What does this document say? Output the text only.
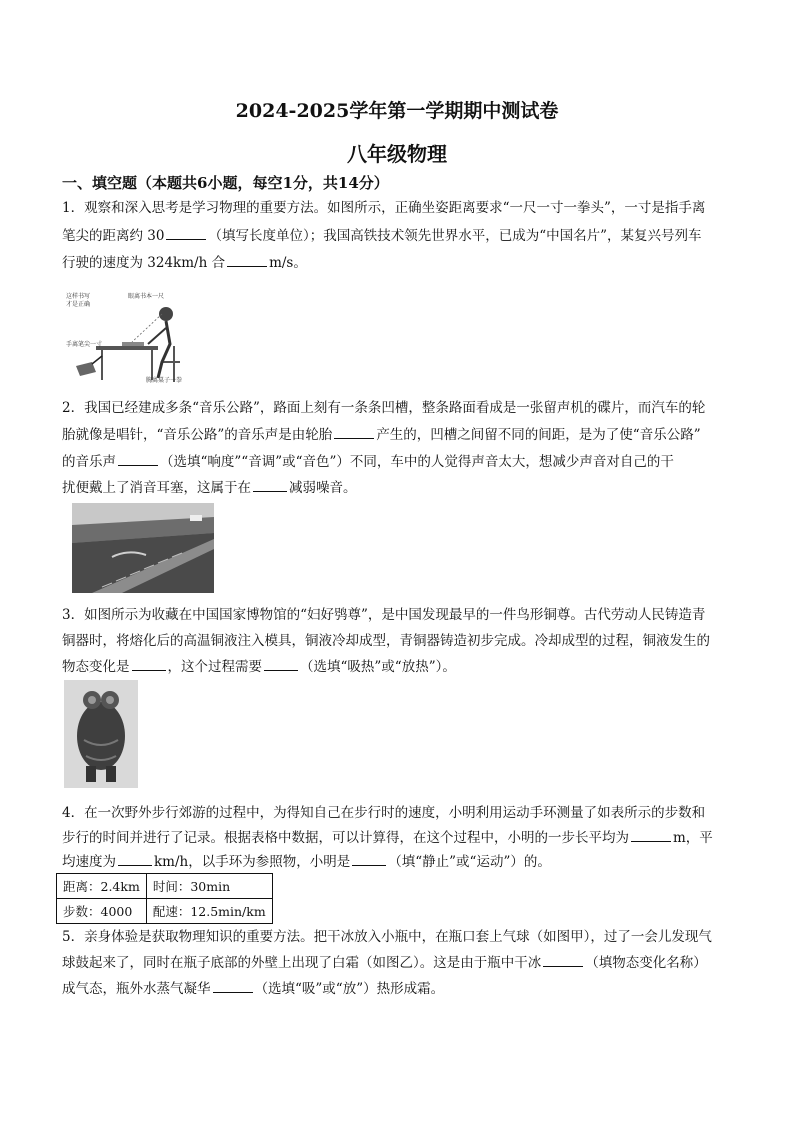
2024-2025学年第一学期期中测试卷
八年级物理
一、填空题（本题共6小题，每空1分，共14分）
1．观察和深入思考是学习物理的重要方法。如图所示，正确坐姿距离要求“一尺一寸一拳头”，一寸是指手离
笔尖的距离约 30	（填写长度单位）；我国高铁技术领先世界水平，已成为“中国名片”，某复兴号列车
行驶的速度为 324km/h 合	m/s。
这样书写
才是正确
眼离书本一尺
手离笔尖一寸
胸离桌子一拳
2．我国已经建成多条“音乐公路”，路面上刻有一条条凹槽，整条路面看成是一张留声机的碟片，而汽车的轮
胎就像是唱针，“音乐公路”的音乐声是由轮胎	产生的，凹槽之间留不同的间距，是为了使“音乐公路”
的音乐声	（选填“响度”“音调”或“音色”）不同，车中的人觉得声音太大，想减少声音对自己的干
扰便戴上了消音耳塞，这属于在	减弱噪音。
3．如图所示为收藏在中国国家博物馆的“妇好鸮尊”，是中国发现最早的一件鸟形铜尊。古代劳动人民铸造青
铜器时，将熔化后的高温铜液注入模具，铜液冷却成型，青铜器铸造初步完成。冷却成型的过程，铜液发生的
物态变化是	，这个过程需要	（选填“吸热”或“放热”）。
4．在一次野外步行郊游的过程中，为得知自己在步行时的速度，小明利用运动手环测量了如表所示的步数和
步行的时间并进行了记录。根据表格中数据，可以计算得，在这个过程中，小明的一步长平均为	m，平
均速度为	km/h，以手环为参照物，小明是	（填“静止”或“运动”）的。
距离：2.4km	时间：30min
步数：4000	配速：12.5min/km
5．亲身体验是获取物理知识的重要方法。把干冰放入小瓶中，在瓶口套上气球（如图甲），过了一会儿发现气
球鼓起来了，同时在瓶子底部的外壁上出现了白霜（如图乙）。这是由于瓶中干冰	（填物态变化名称）
成气态，瓶外水蒸气凝华	（选填“吸”或“放”）热形成霜。
